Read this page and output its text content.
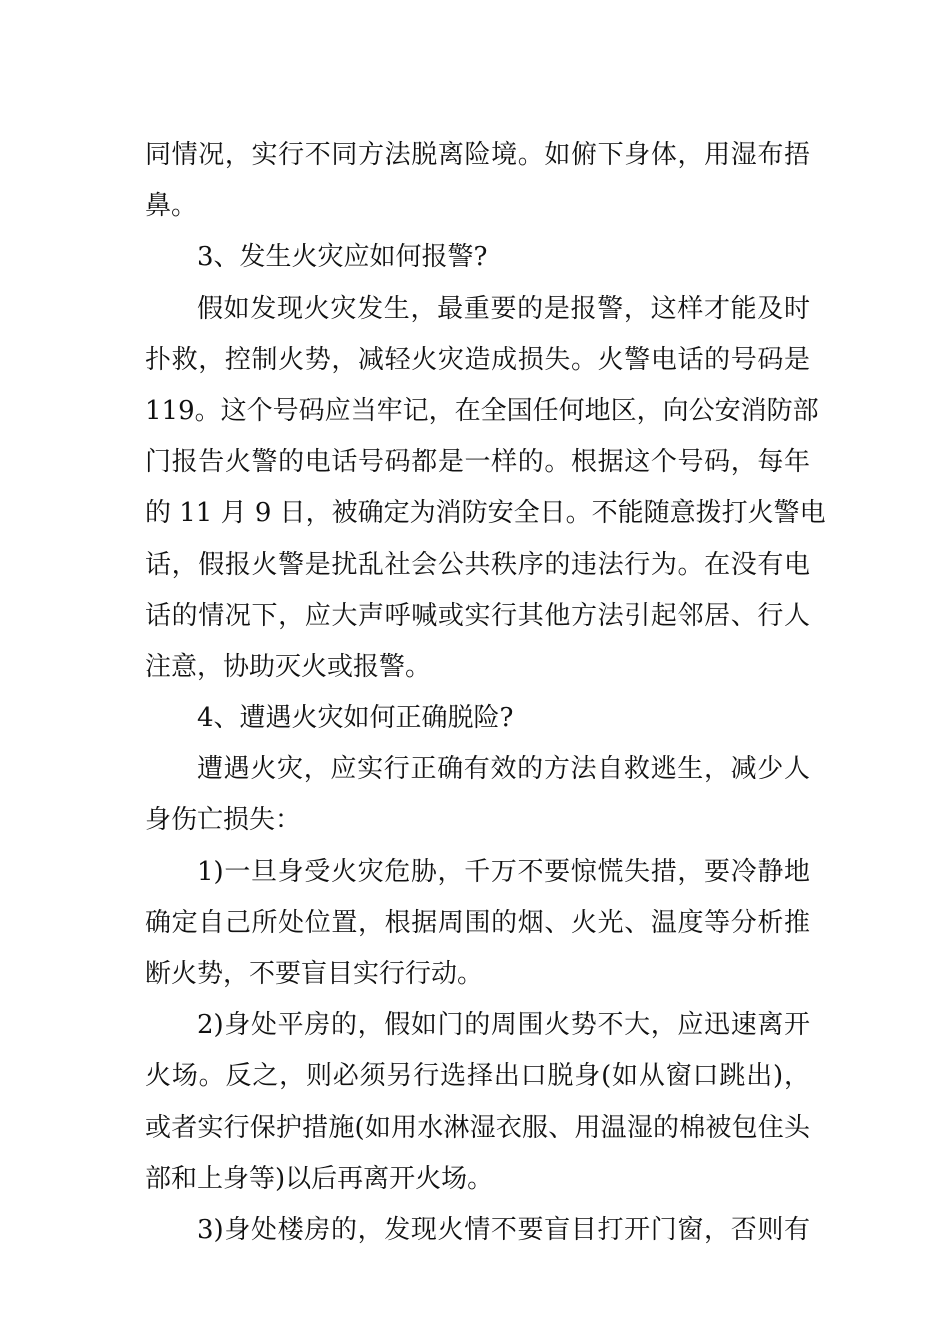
同情况，实行不同方法脱离险境。如俯下身体，用湿布捂
鼻。
3、发生火灾应如何报警?
假如发现火灾发生，最重要的是报警，这样才能及时
扑救，控制火势，减轻火灾造成损失。火警电话的号码是
119。这个号码应当牢记，在全国任何地区，向公安消防部
门报告火警的电话号码都是一样的。根据这个号码，每年
的 11 月 9 日，被确定为消防安全日。不能随意拨打火警电
话，假报火警是扰乱社会公共秩序的违法行为。在没有电
话的情况下，应大声呼喊或实行其他方法引起邻居、行人
注意，协助灭火或报警。
4、遭遇火灾如何正确脱险?
遭遇火灾，应实行正确有效的方法自救逃生，减少人
身伤亡损失：
1)一旦身受火灾危胁，千万不要惊慌失措，要冷静地
确定自己所处位置，根据周围的烟、火光、温度等分析推
断火势，不要盲目实行行动。
2)身处平房的，假如门的周围火势不大，应迅速离开
火场。反之，则必须另行选择出口脱身(如从窗口跳出)，
或者实行保护措施(如用水淋湿衣服、用温湿的棉被包住头
部和上身等)以后再离开火场。
3)身处楼房的，发现火情不要盲目打开门窗，否则有
